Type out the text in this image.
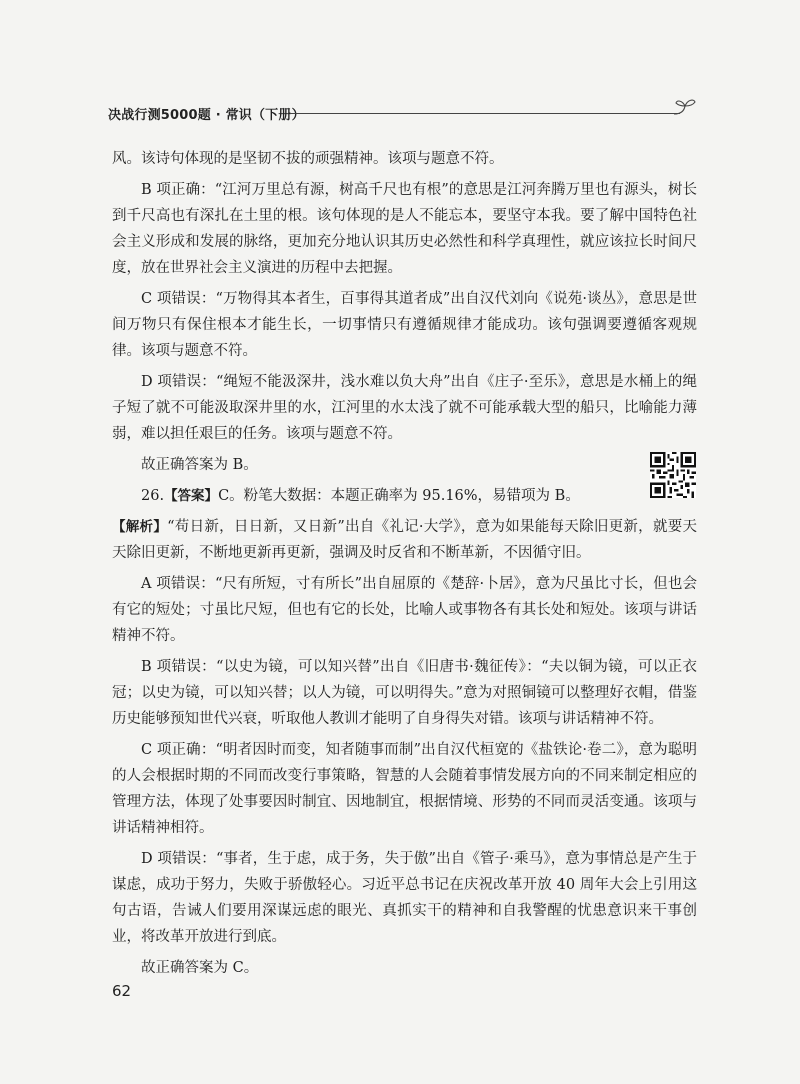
决战行测5000题 · 常识（下册）

风。该诗句体现的是坚韧不拔的顽强精神。该项与题意不符。

B 项正确：“江河万里总有源，树高千尺也有根”的意思是江河奔腾万里也有源头，树长到千尺高也有深扎在土里的根。该句体现的是人不能忘本，要坚守本我。要了解中国特色社会主义形成和发展的脉络，更加充分地认识其历史必然性和科学真理性，就应该拉长时间尺度，放在世界社会主义演进的历程中去把握。

C 项错误：“万物得其本者生，百事得其道者成”出自汉代刘向《说苑·谈丛》，意思是世间万物只有保住根本才能生长，一切事情只有遵循规律才能成功。该句强调要遵循客观规律。该项与题意不符。

D 项错误：“绳短不能汲深井，浅水难以负大舟”出自《庄子·至乐》，意思是水桶上的绳子短了就不可能汲取深井里的水，江河里的水太浅了就不可能承载大型的船只，比喻能力薄弱，难以担任艰巨的任务。该项与题意不符。

故正确答案为 B。

26.【答案】C。粉笔大数据：本题正确率为 95.16%，易错项为 B。

【解析】“苟日新，日日新，又日新”出自《礼记·大学》，意为如果能每天除旧更新，就要天天除旧更新，不断地更新再更新，强调及时反省和不断革新，不因循守旧。

A 项错误：“尺有所短，寸有所长”出自屈原的《楚辞·卜居》，意为尺虽比寸长，但也会有它的短处；寸虽比尺短，但也有它的长处，比喻人或事物各有其长处和短处。该项与讲话精神不符。

B 项错误：“以史为镜，可以知兴替”出自《旧唐书·魏征传》：“夫以铜为镜，可以正衣冠；以史为镜，可以知兴替；以人为镜，可以明得失。”意为对照铜镜可以整理好衣帽，借鉴历史能够预知世代兴衰，听取他人教训才能明了自身得失对错。该项与讲话精神不符。

C 项正确：“明者因时而变，知者随事而制”出自汉代桓宽的《盐铁论·卷二》，意为聪明的人会根据时期的不同而改变行事策略，智慧的人会随着事情发展方向的不同来制定相应的管理方法，体现了处事要因时制宜、因地制宜，根据情境、形势的不同而灵活变通。该项与讲话精神相符。

D 项错误：“事者，生于虑，成于务，失于傲”出自《管子·乘马》，意为事情总是产生于谋虑，成功于努力，失败于骄傲轻心。习近平总书记在庆祝改革开放 40 周年大会上引用这句古语，告诫人们要用深谋远虑的眼光、真抓实干的精神和自我警醒的忧患意识来干事创业，将改革开放进行到底。

故正确答案为 C。

62
